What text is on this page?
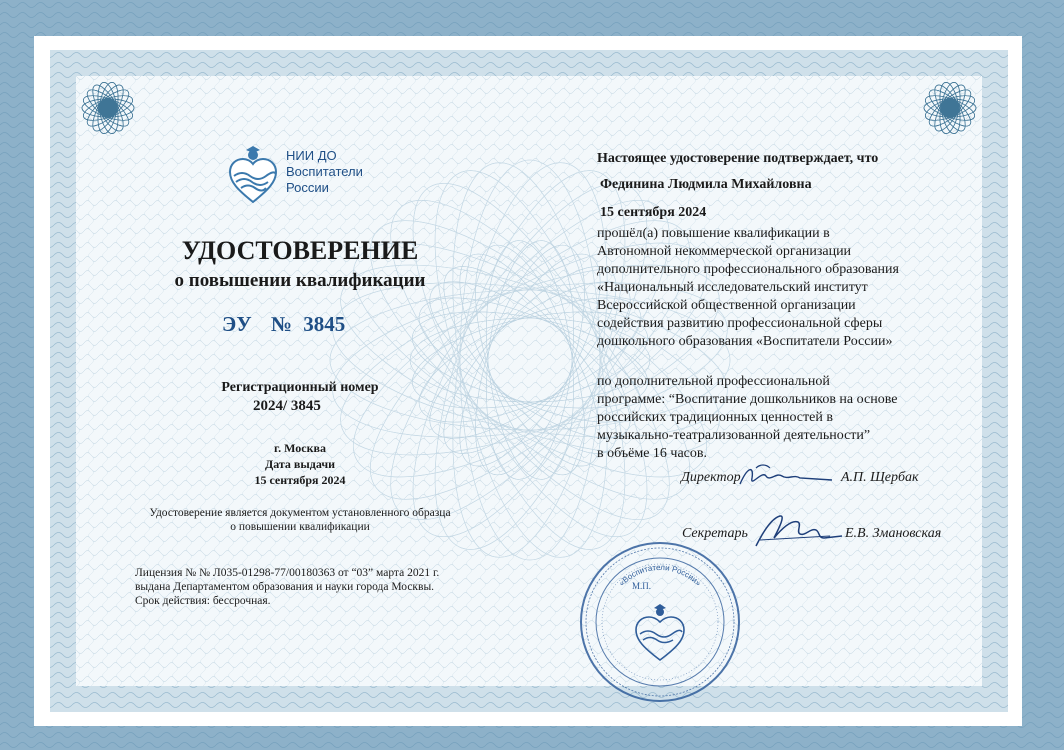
НИИ ДО
Воспитатели
России
УДОСТОВЕРЕНИЕ
о повышении квалификации
ЭУ № 3845
Регистрационный номер
2024/ 3845
г. Москва
Дата выдачи
15 сентября 2024
Удостоверение является документом установленного образца
о повышении квалификации
Лицензия № № Л035-01298-77/00180363 от “03” марта 2021 г.
выдана Департаментом образования и науки города Москвы.
Срок действия: бессрочная.
Настоящее удостоверение подтверждает, что
Фединина Людмила Михайловна
15 сентября 2024
прошёл(а) повышение квалификации в
Автономной некоммерческой организации
дополнительного профессионального образования
«Национальный исследовательский институт
Всероссийской общественной организации
содействия развитию профессиональной сферы
дошкольного образования «Воспитатели России»
по дополнительной профессиональной
программе: “Воспитание дошкольников на основе
российских традиционных ценностей в
музыкально-театрализованной деятельности”
в объёме 16 часов.
«Воспитатели России»
М.П.
Директор	А.П. Щербак
Секретарь	Е.В. Змановская
